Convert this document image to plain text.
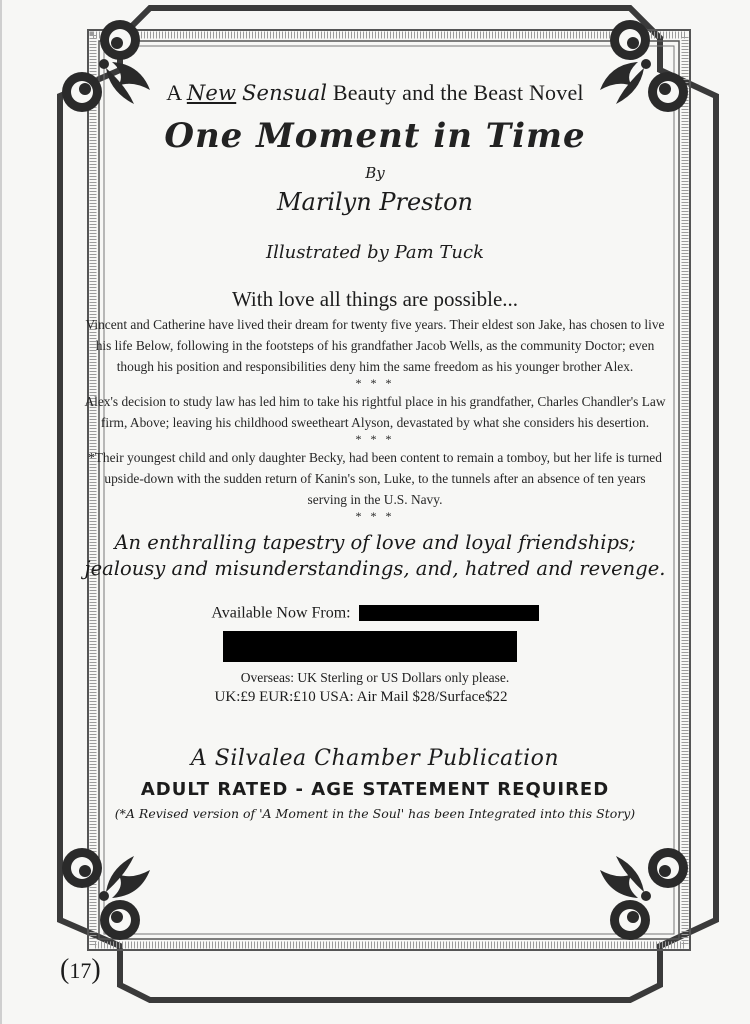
A New Sensual Beauty and the Beast Novel

One Moment in Time

By

Marilyn Preston

Illustrated by Pam Tuck

With love all things are possible...

Vincent and Catherine have lived their dream for twenty five years. Their eldest son Jake, has chosen to live his life Below, following in the footsteps of his grandfather Jacob Wells, as the community Doctor; even though his position and responsibilities deny him the same freedom as his younger brother Alex.

* * *

Alex's decision to study law has led him to take his rightful place in his grandfather, Charles Chandler's Law firm, Above; leaving his childhood sweetheart Alyson, devastated by what she considers his desertion.

* * *

*Their youngest child and only daughter Becky, had been content to remain a tomboy, but her life is turned upside-down with the sudden return of Kanin's son, Luke, to the tunnels after an absence of ten years serving in the U.S. Navy.

* * *

An enthralling tapestry of love and loyal friendships; jealousy and misunderstandings, and, hatred and revenge.

Available Now From:

Overseas: UK Sterling or US Dollars only please.

UK:£9 EUR:£10 USA: Air Mail $28/Surface$22

A Silvalea Chamber Publication

ADULT RATED - AGE STATEMENT REQUIRED

(*A Revised version of 'A Moment in the Soul' has been Integrated into this Story)

(17)
